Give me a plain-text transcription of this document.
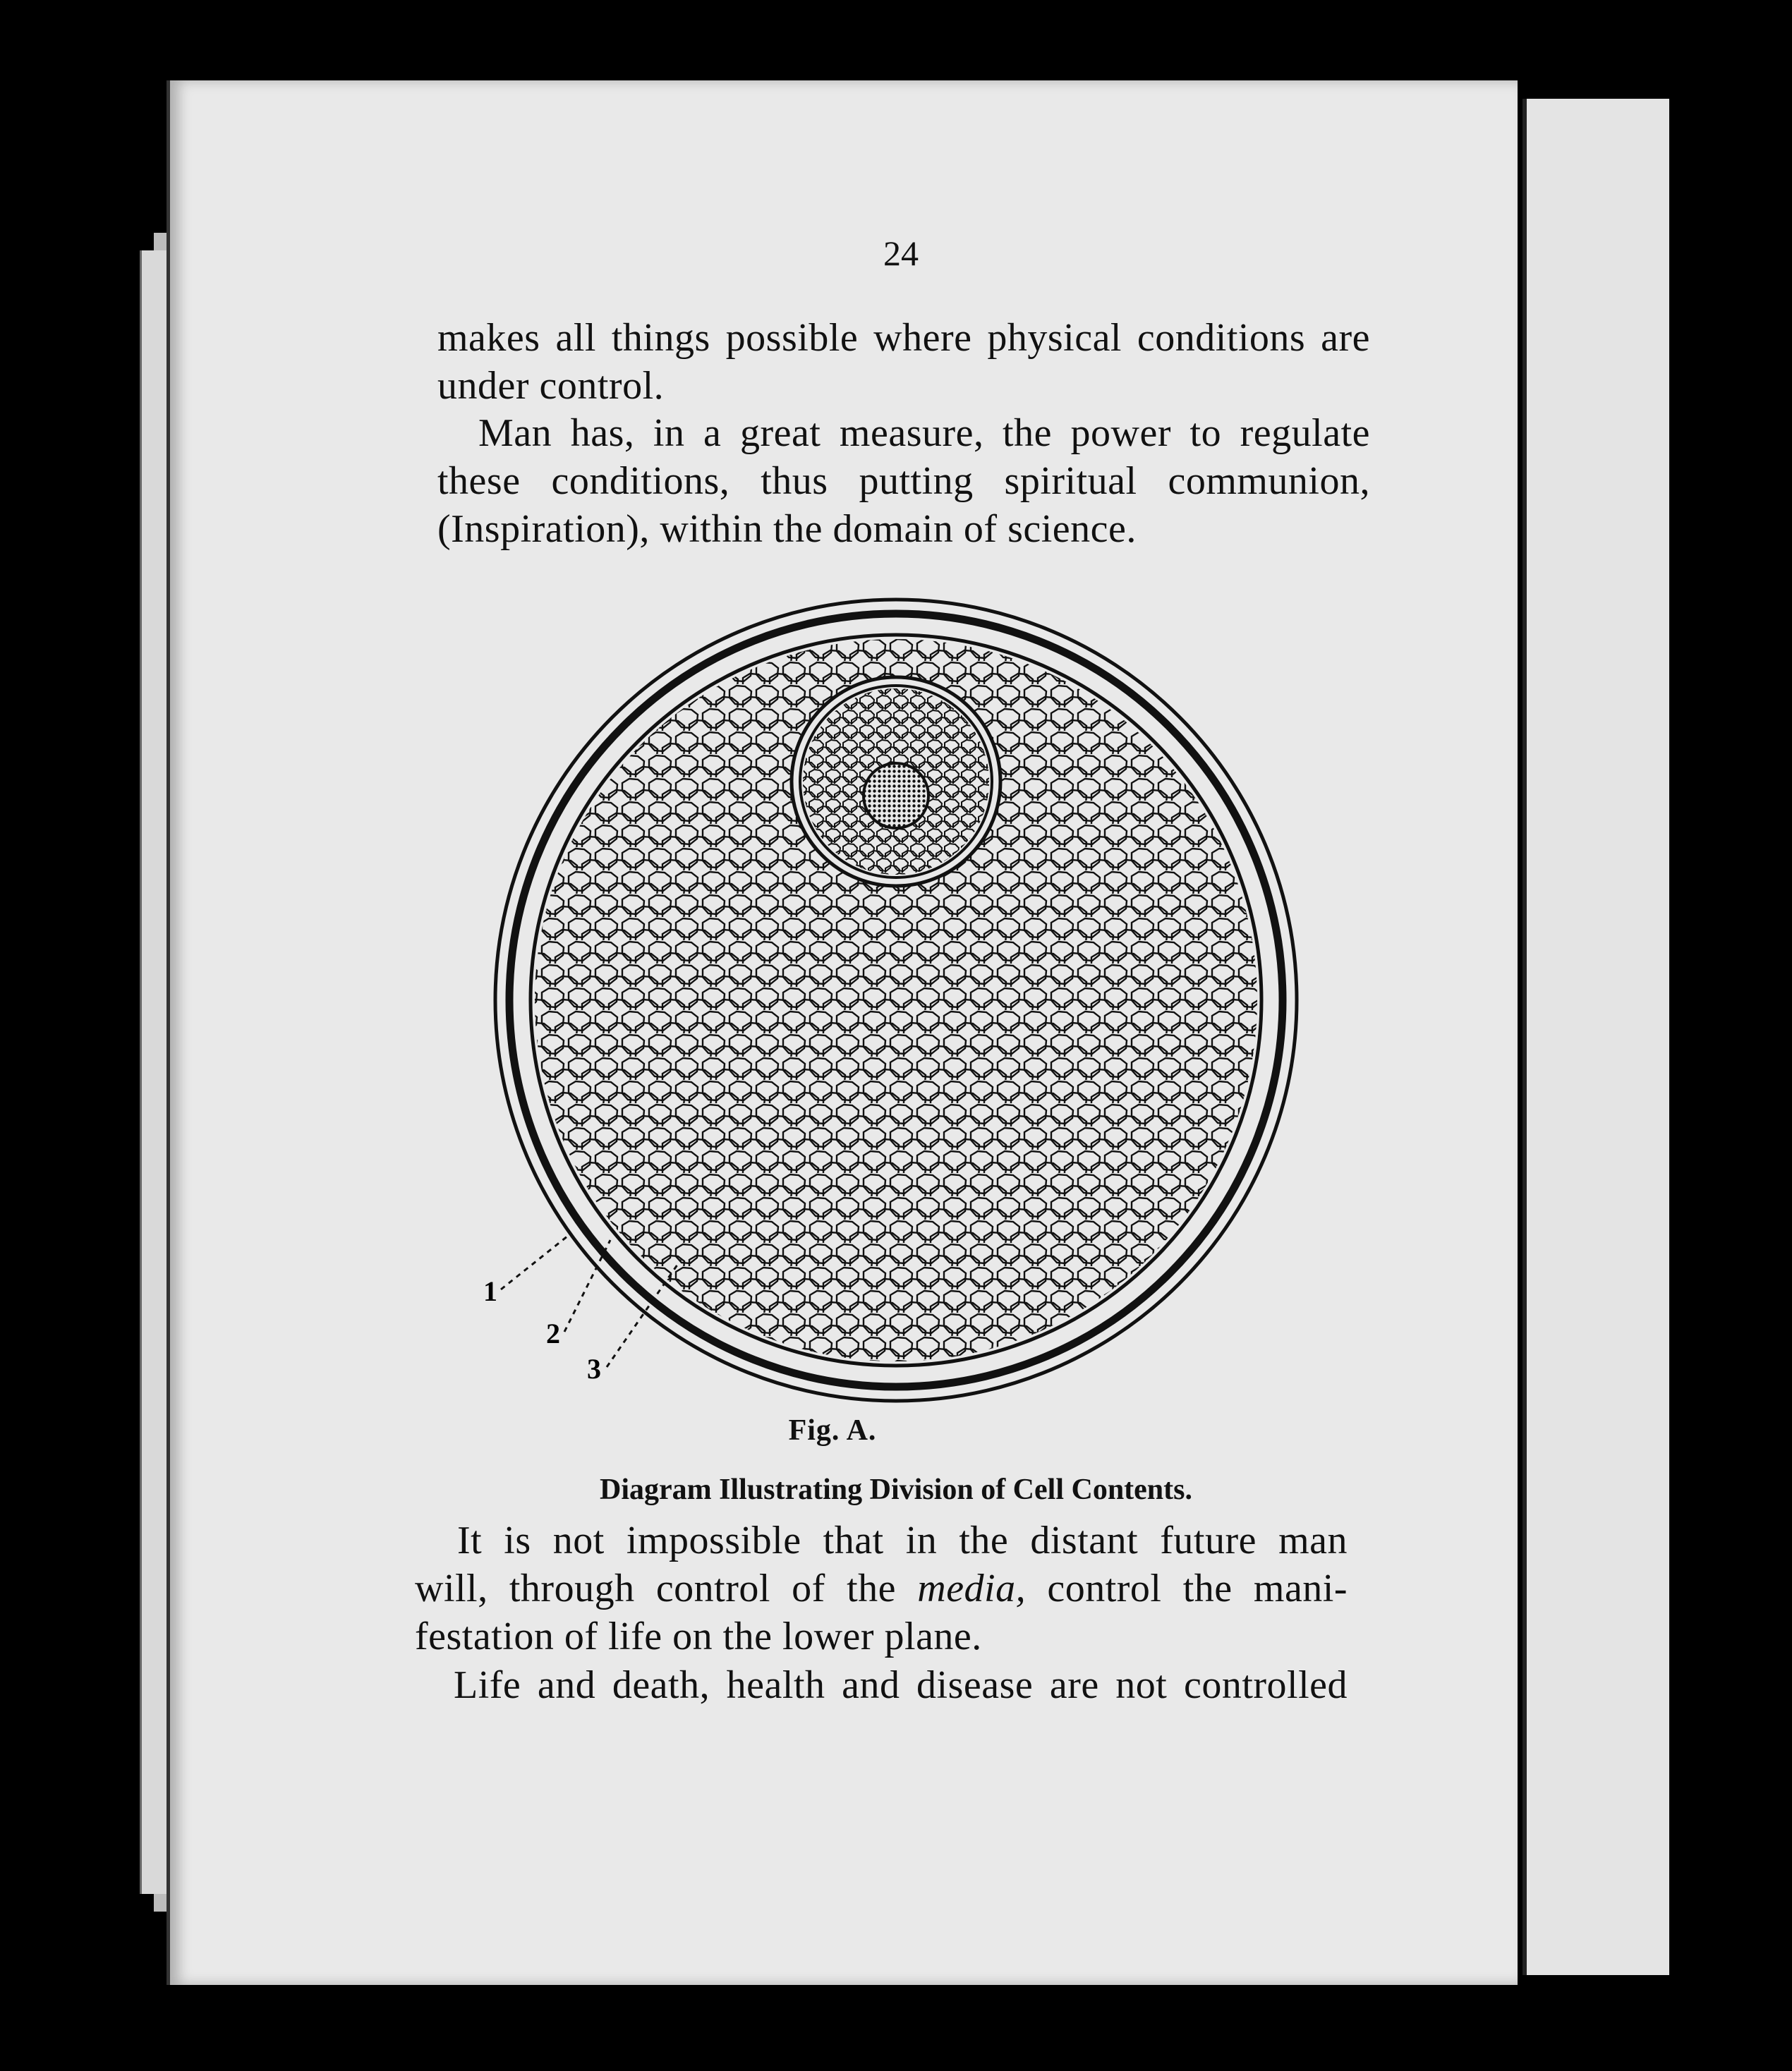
24
makes all things possible where physical conditions are
under control.
Man has, in a great measure, the power to regulate
these conditions, thus putting spiritual communion,
(Inspiration), within the domain of science.
1
2
3
Fig. A.
Diagram Illustrating Division of Cell Contents.
It is not impossible that in the distant future man
will, through control of the media, control the mani-
festation of life on the lower plane.
Life and death, health and disease are not controlled
